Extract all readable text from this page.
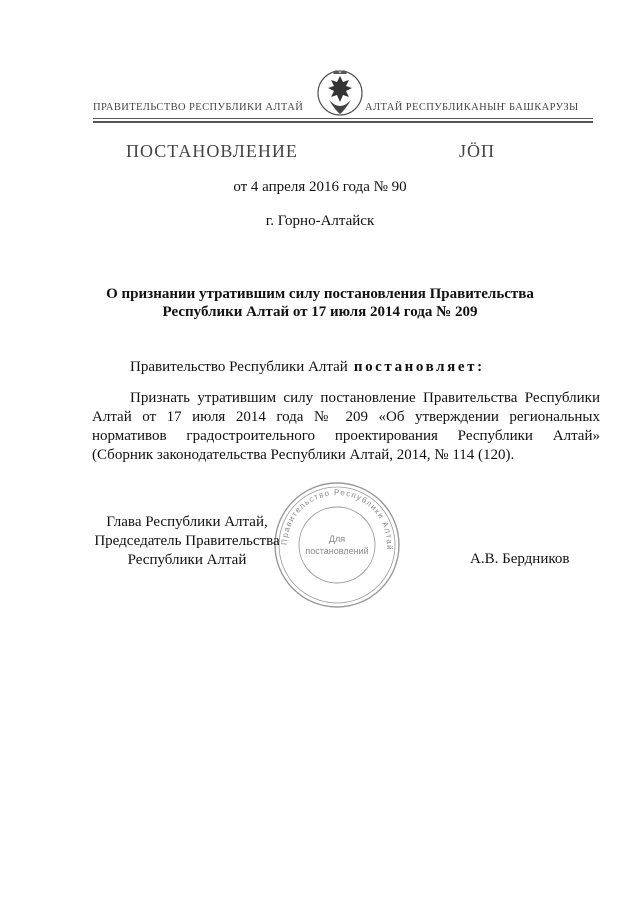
ПРАВИТЕЛЬСТВО РЕСПУБЛИКИ АЛТАЙ	АЛТАЙ РЕСПУБЛИКАНЫҤ БАШКАРУЗЫ
ПОСТАНОВЛЕНИЕ	JӦП
от 4 апреля 2016 года № 90
г. Горно-Алтайск
О признании утратившим силу постановления Правительства
Республики Алтай от 17 июля 2014 года № 209
Правительство Республики Алтай постановляет:
Признать утратившим силу постановление Правительства Республики
Алтай от 17 июля 2014 года № 209 «Об утверждении региональных
нормативов градостроительного проектирования Республики Алтай»
(Сборник законодательства Республики Алтай, 2014, № 114 (120).
Правительство Республики Алтай
Для
постановлений
Глава Республики Алтай,
Председатель Правительства
Республики Алтай	А.В. Бердников
